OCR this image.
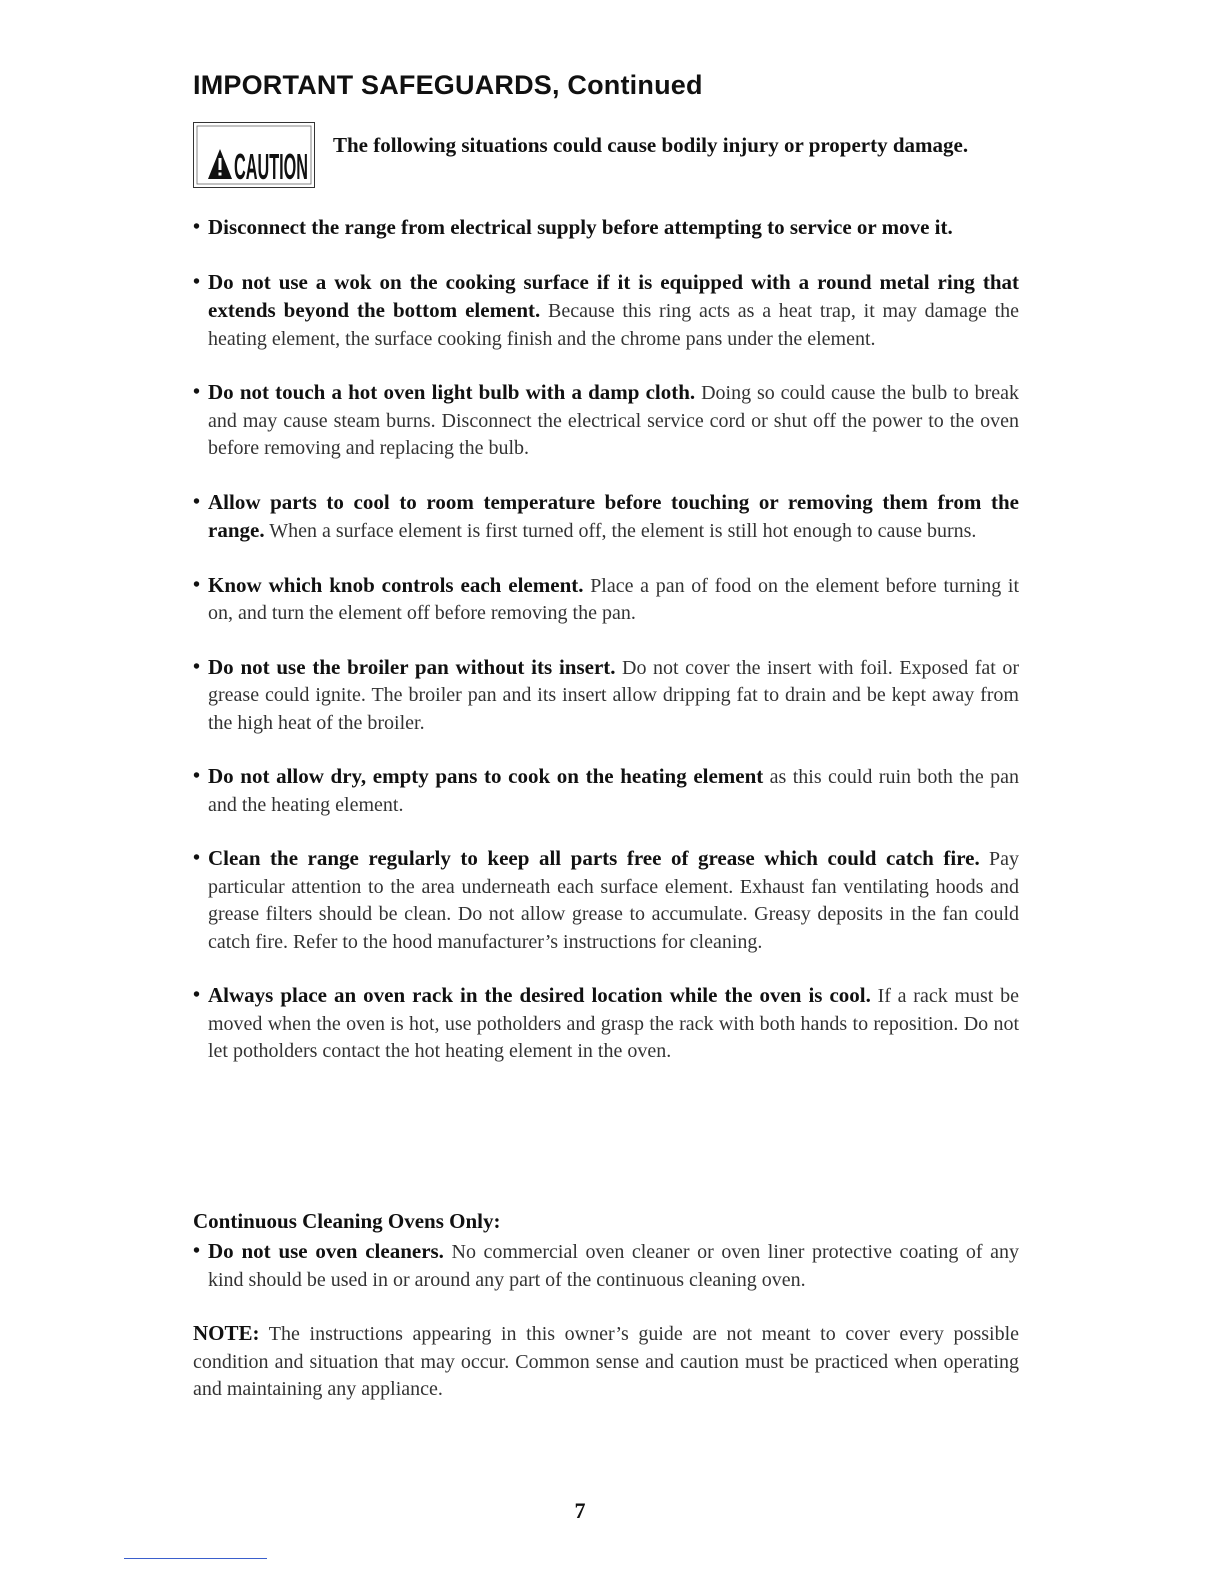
IMPORTANT SAFEGUARDS, Continued
CAUTION

The following situations could cause bodily injury or property damage.

• Disconnect the range from electrical supply before attempting to service or move it.
• Do not use a wok on the cooking surface if it is equipped with a round metal ring that extends beyond the bottom element. Because this ring acts as a heat trap, it may damage the heating element, the surface cooking finish and the chrome pans under the element.
• Do not touch a hot oven light bulb with a damp cloth. Doing so could cause the bulb to break and may cause steam burns. Disconnect the electrical service cord or shut off the power to the oven before removing and replacing the bulb.
• Allow parts to cool to room temperature before touching or removing them from the range. When a surface element is first turned off, the element is still hot enough to cause burns.
• Know which knob controls each element. Place a pan of food on the element before turning it on, and turn the element off before removing the pan.
• Do not use the broiler pan without its insert. Do not cover the insert with foil. Exposed fat or grease could ignite. The broiler pan and its insert allow dripping fat to drain and be kept away from the high heat of the broiler.
• Do not allow dry, empty pans to cook on the heating element as this could ruin both the pan and the heating element.
• Clean the range regularly to keep all parts free of grease which could catch fire. Pay particular attention to the area underneath each surface element. Exhaust fan ventilating hoods and grease filters should be clean. Do not allow grease to accumulate. Greasy deposits in the fan could catch fire. Refer to the hood manufacturer’s instructions for cleaning.
• Always place an oven rack in the desired location while the oven is cool. If a rack must be moved when the oven is hot, use potholders and grasp the rack with both hands to reposition. Do not let potholders contact the hot heating element in the oven.
Continuous Cleaning Ovens Only:
• Do not use oven cleaners. No commercial oven cleaner or oven liner protective coating of any kind should be used in or around any part of the continuous cleaning oven.

NOTE: The instructions appearing in this owner’s guide are not meant to cover every possible condition and situation that may occur. Common sense and caution must be practiced when operating and maintaining any appliance.

7
